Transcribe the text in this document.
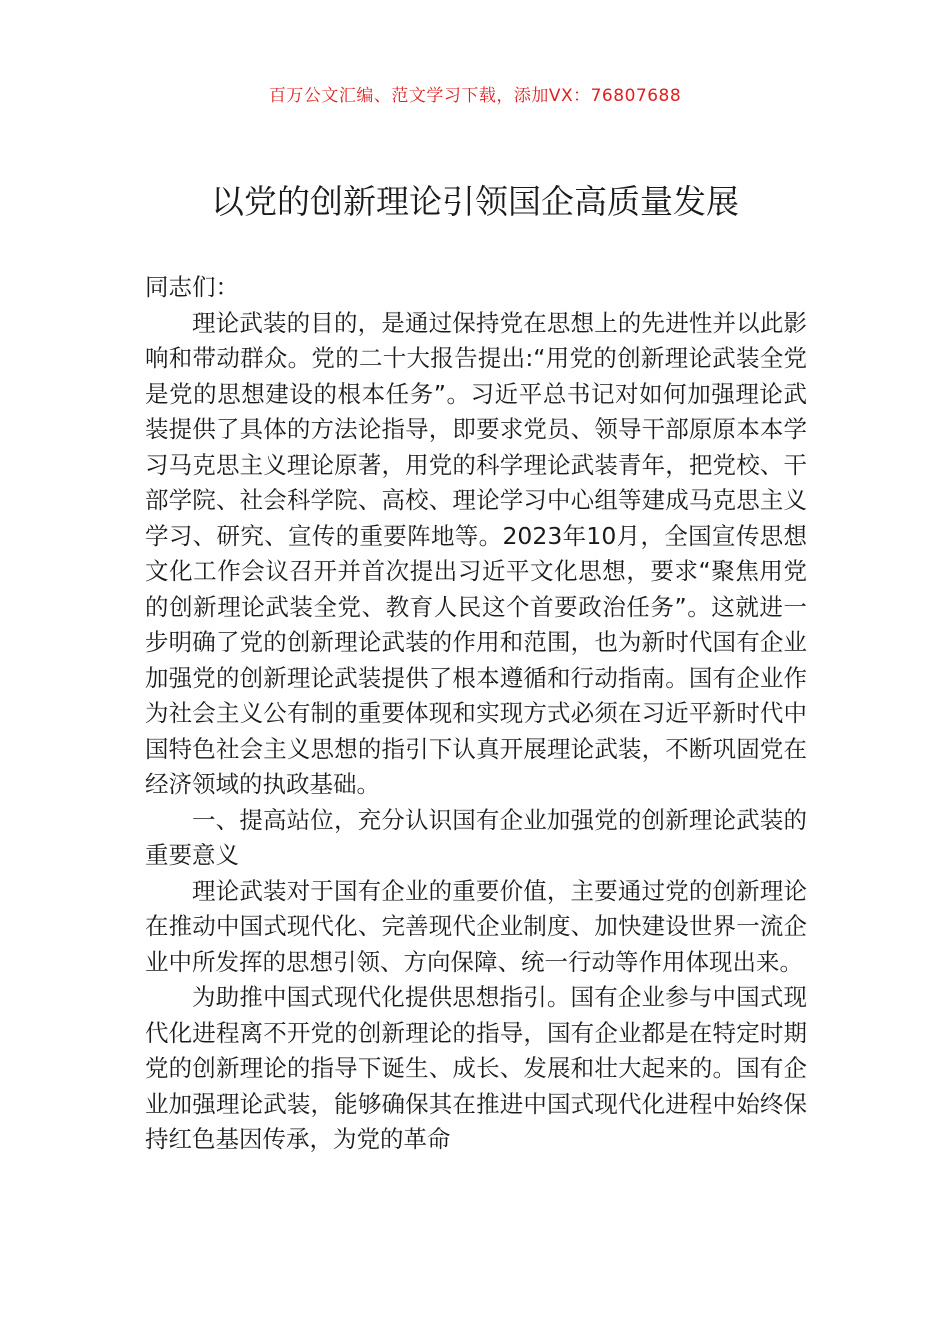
百万公文汇编、范文学习下载，添加VX：76807688
以党的创新理论引领国企高质量发展

同志们：

理论武装的目的，是通过保持党在思想上的先进性并以此影响和带动群众。党的二十大报告提出:“用党的创新理论武装全党是党的思想建设的根本任务”。习近平总书记对如何加强理论武装提供了具体的方法论指导，即要求党员、领导干部原原本本学习马克思主义理论原著，用党的科学理论武装青年，把党校、干部学院、社会科学院、高校、理论学习中心组等建成马克思主义学习、研究、宣传的重要阵地等。2023年10月，全国宣传思想文化工作会议召开并首次提出习近平文化思想，要求“聚焦用党的创新理论武装全党、教育人民这个首要政治任务”。这就进一步明确了党的创新理论武装的作用和范围，也为新时代国有企业加强党的创新理论武装提供了根本遵循和行动指南。国有企业作为社会主义公有制的重要体现和实现方式必须在习近平新时代中国特色社会主义思想的指引下认真开展理论武装，不断巩固党在经济领域的执政基础。

一、提高站位，充分认识国有企业加强党的创新理论武装的重要意义

理论武装对于国有企业的重要价值，主要通过党的创新理论在推动中国式现代化、完善现代企业制度、加快建设世界一流企业中所发挥的思想引领、方向保障、统一行动等作用体现出来。

为助推中国式现代化提供思想指引。国有企业参与中国式现代化进程离不开党的创新理论的指导，国有企业都是在特定时期党的创新理论的指导下诞生、成长、发展和壮大起来的。国有企业加强理论武装，能够确保其在推进中国式现代化进程中始终保持红色基因传承，为党的革命
